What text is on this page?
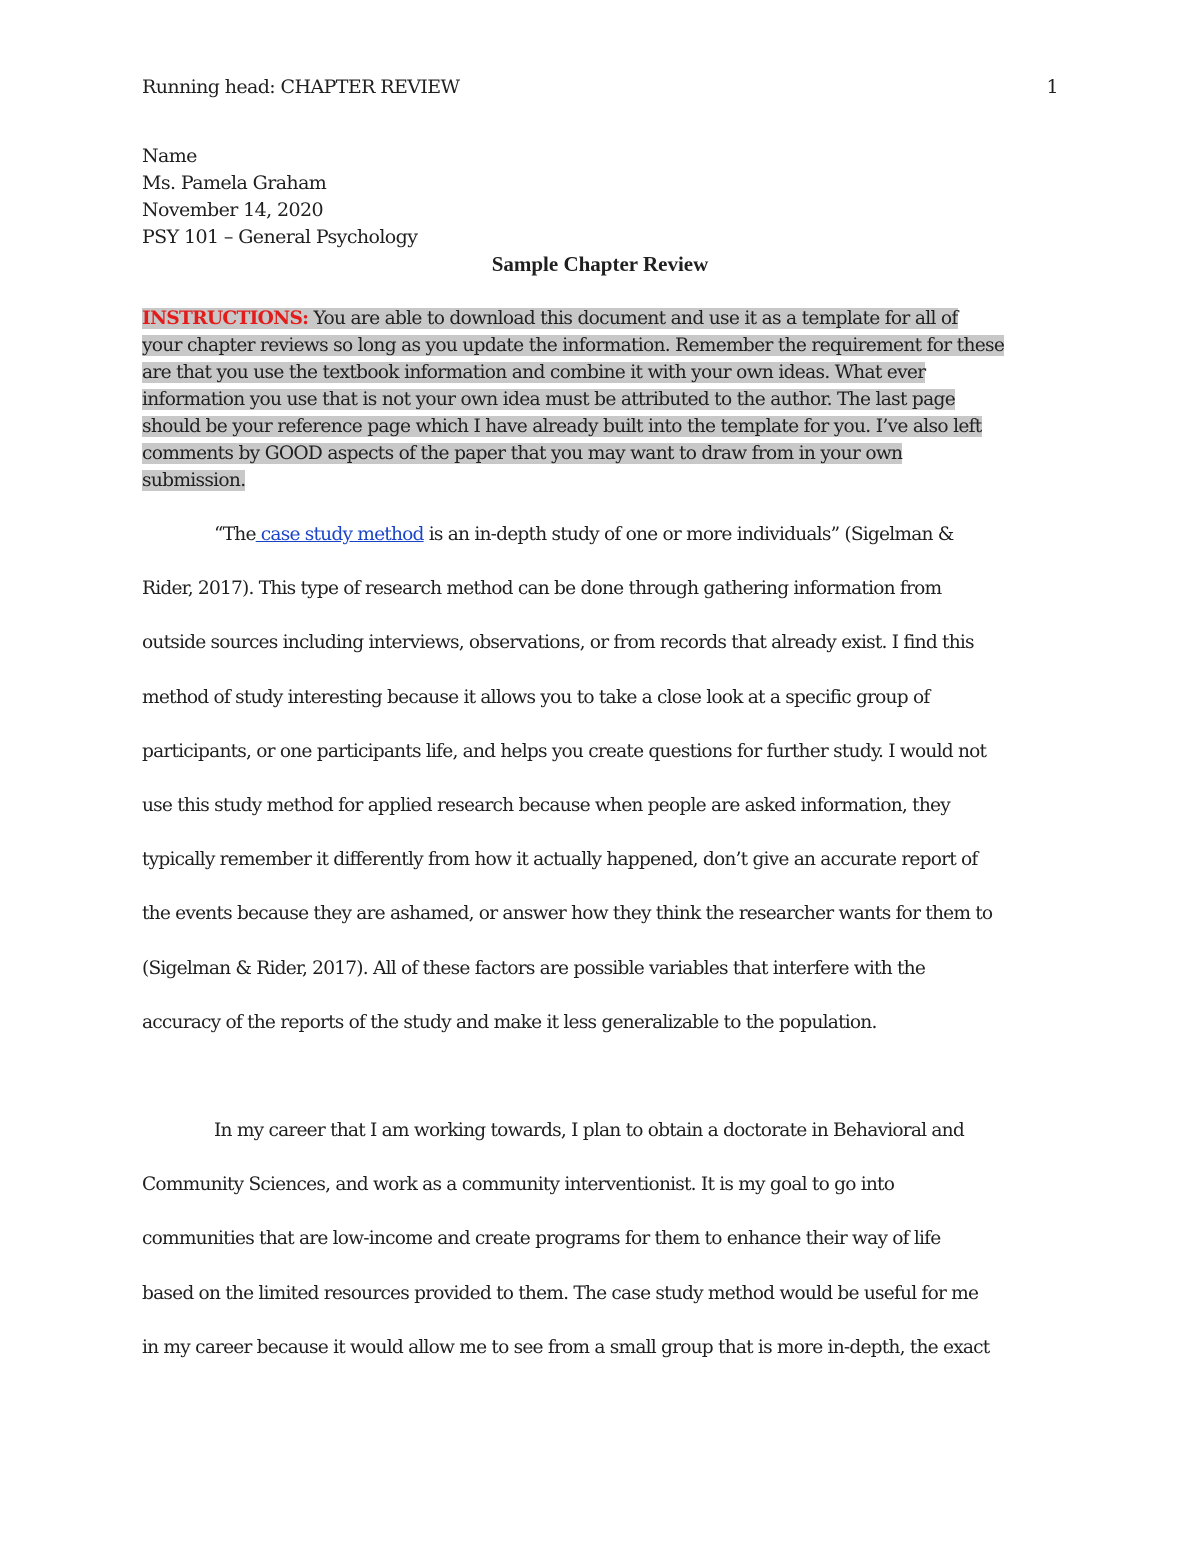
Running head: CHAPTER REVIEW	1
Name
Ms. Pamela Graham
November 14, 2020
PSY 101 – General Psychology
Sample Chapter Review
INSTRUCTIONS: You are able to download this document and use it as a template for all of
your chapter reviews so long as you update the information. Remember the requirement for these
are that you use the textbook information and combine it with your own ideas. What ever
information you use that is not your own idea must be attributed to the author. The last page
should be your reference page which I have already built into the template for you. I’ve also left
comments by GOOD aspects of the paper that you may want to draw from in your own
submission.
“The case study method is an in-depth study of one or more individuals” (Sigelman &
Rider, 2017). This type of research method can be done through gathering information from
outside sources including interviews, observations, or from records that already exist. I find this
method of study interesting because it allows you to take a close look at a specific group of
participants, or one participants life, and helps you create questions for further study. I would not
use this study method for applied research because when people are asked information, they
typically remember it differently from how it actually happened, don’t give an accurate report of
the events because they are ashamed, or answer how they think the researcher wants for them to
(Sigelman & Rider, 2017). All of these factors are possible variables that interfere with the
accuracy of the reports of the study and make it less generalizable to the population.
In my career that I am working towards, I plan to obtain a doctorate in Behavioral and
Community Sciences, and work as a community interventionist. It is my goal to go into
communities that are low-income and create programs for them to enhance their way of life
based on the limited resources provided to them. The case study method would be useful for me
in my career because it would allow me to see from a small group that is more in-depth, the exact
